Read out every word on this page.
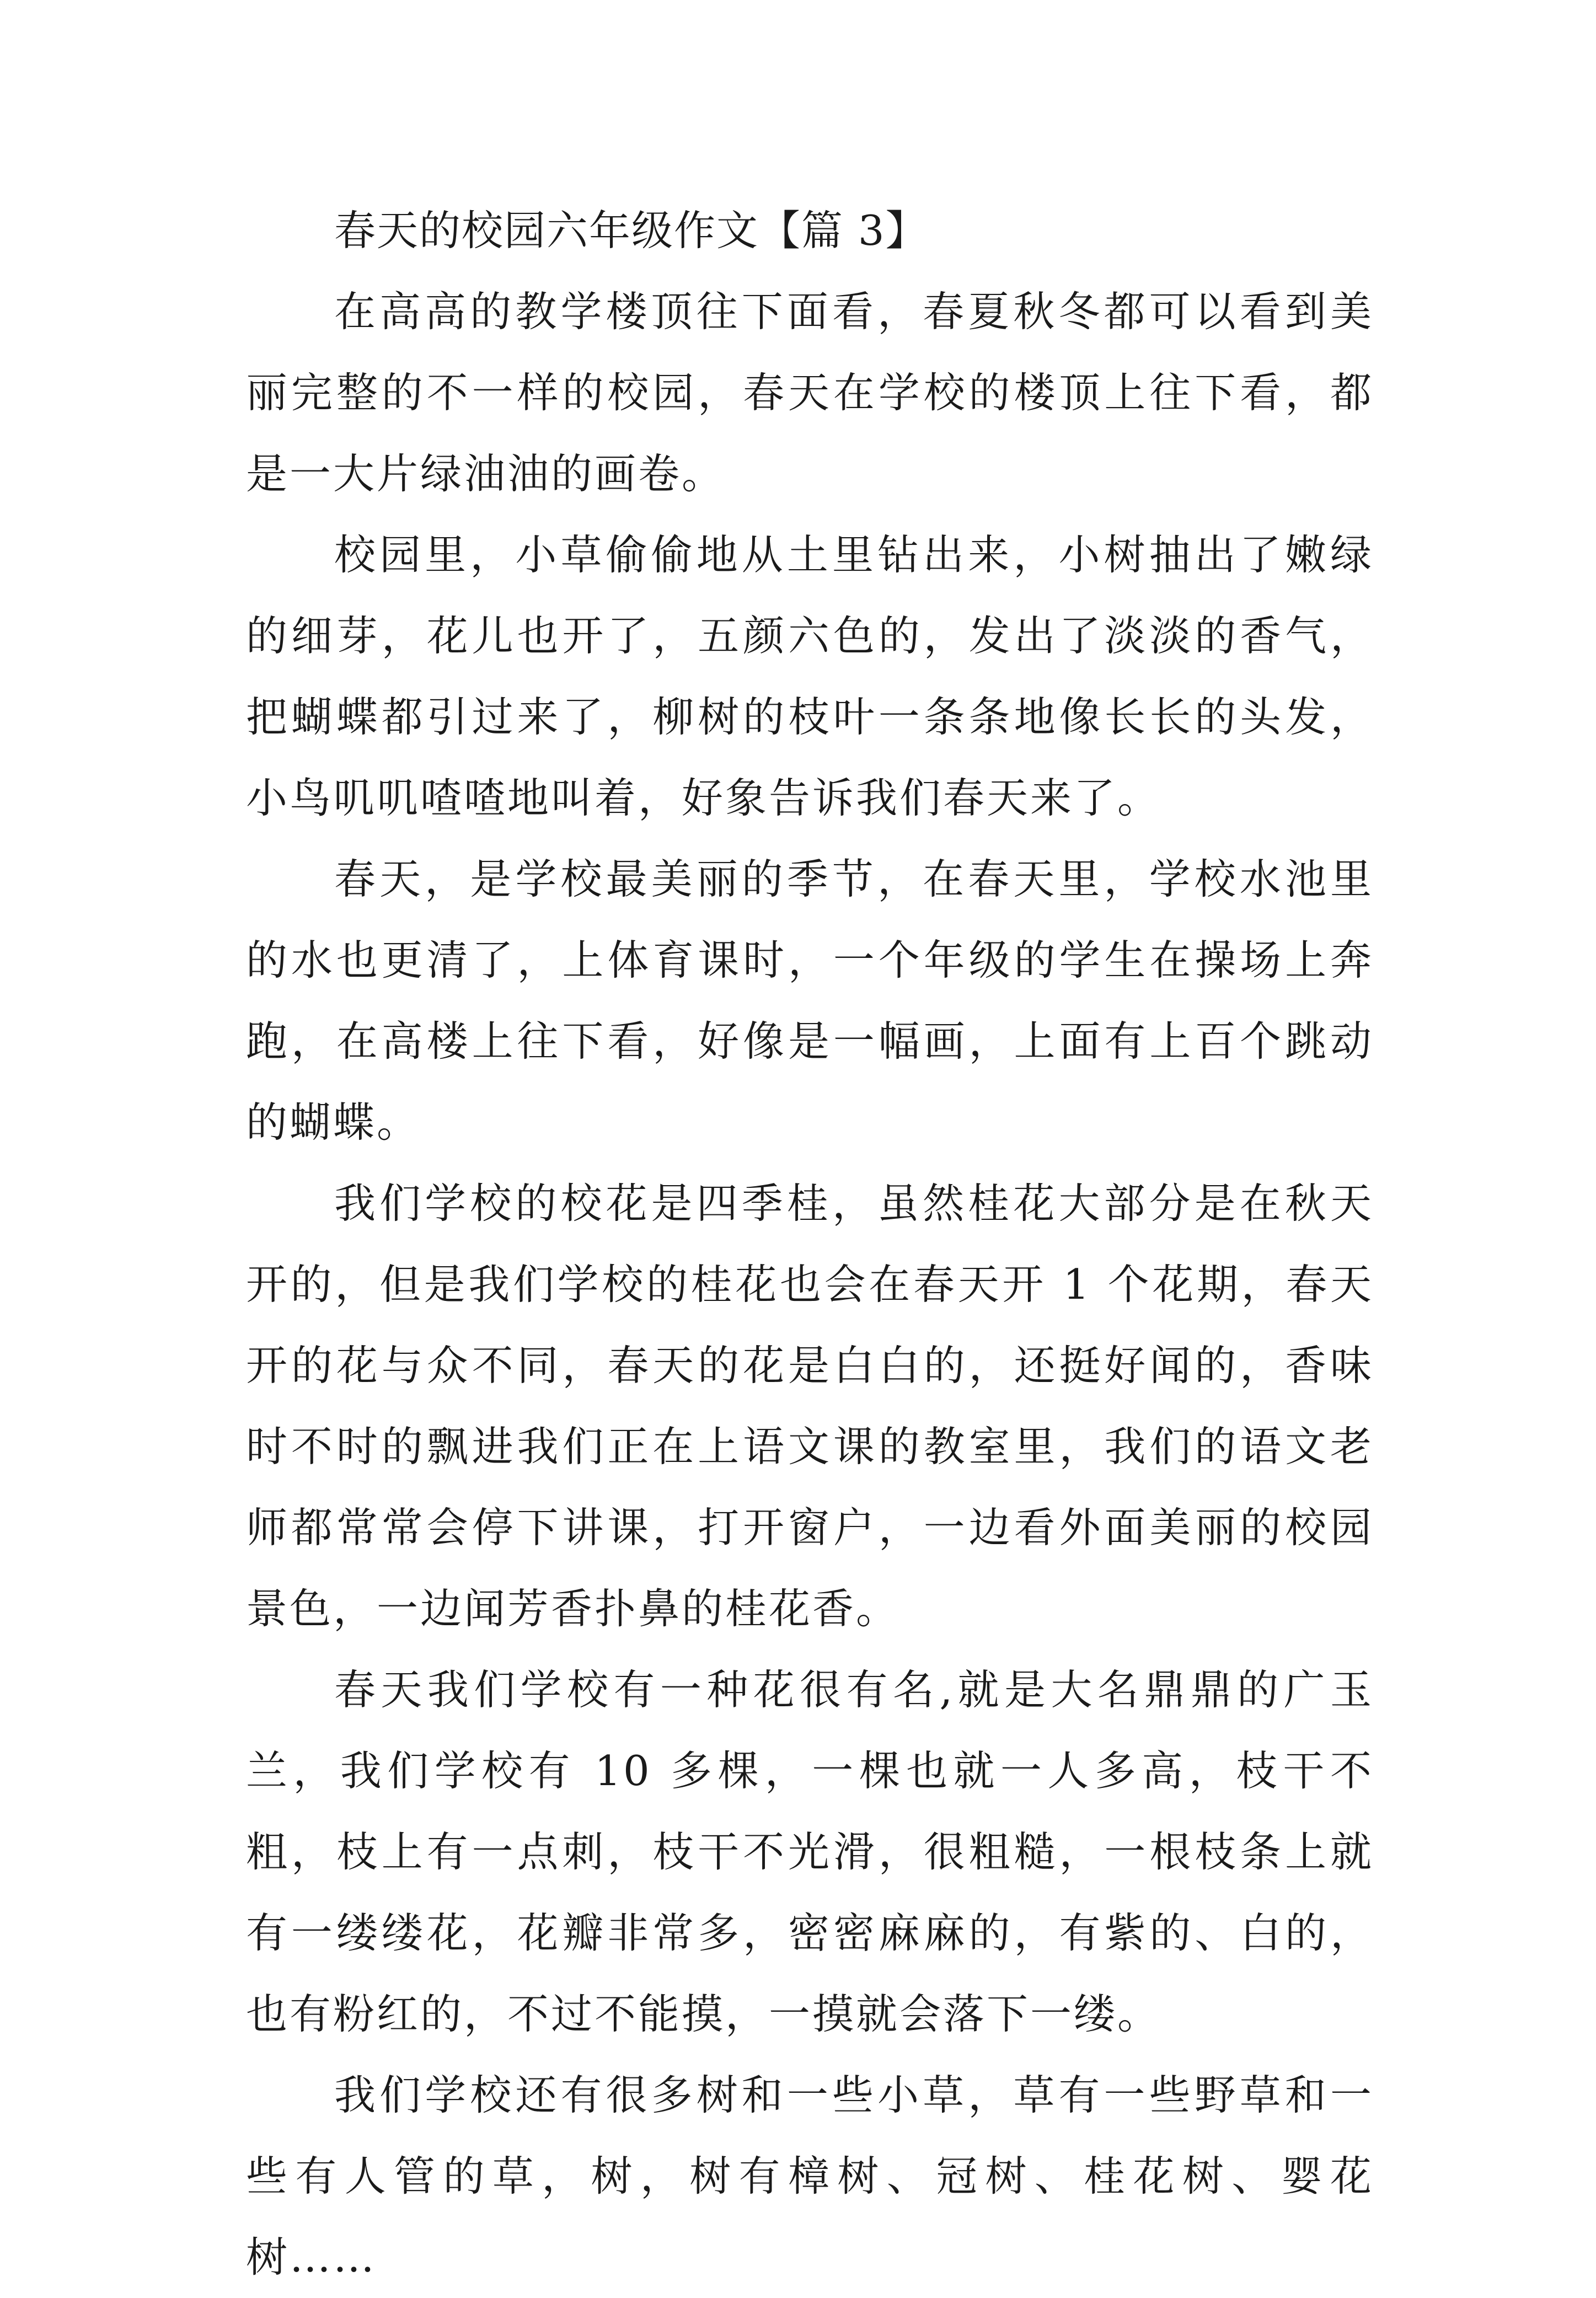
春天的校园六年级作文【篇 3】

在高高的教学楼顶往下面看，春夏秋冬都可以看到美丽完整的不一样的校园，春天在学校的楼顶上往下看，都是一大片绿油油的画卷。

校园里，小草偷偷地从土里钻出来，小树抽出了嫩绿的细芽，花儿也开了，五颜六色的，发出了淡淡的香气，把蝴蝶都引过来了，柳树的枝叶一条条地像长长的头发，小鸟叽叽喳喳地叫着，好象告诉我们春天来了。

春天，是学校最美丽的季节，在春天里，学校水池里的水也更清了，上体育课时，一个年级的学生在操场上奔跑，在高楼上往下看，好像是一幅画，上面有上百个跳动的蝴蝶。

我们学校的校花是四季桂，虽然桂花大部分是在秋天开的，但是我们学校的桂花也会在春天开 1 个花期，春天开的花与众不同，春天的花是白白的，还挺好闻的，香味时不时的飘进我们正在上语文课的教室里，我们的语文老师都常常会停下讲课，打开窗户，一边看外面美丽的校园景色，一边闻芳香扑鼻的桂花香。

春天我们学校有一种花很有名,就是大名鼎鼎的广玉兰，我们学校有 10 多棵，一棵也就一人多高，枝干不粗，枝上有一点刺，枝干不光滑，很粗糙，一根枝条上就有一缕缕花，花瓣非常多，密密麻麻的，有紫的、白的，也有粉红的，不过不能摸，一摸就会落下一缕。

我们学校还有很多树和一些小草，草有一些野草和一些有人管的草，树，树有樟树、冠树、桂花树、婴花树……
